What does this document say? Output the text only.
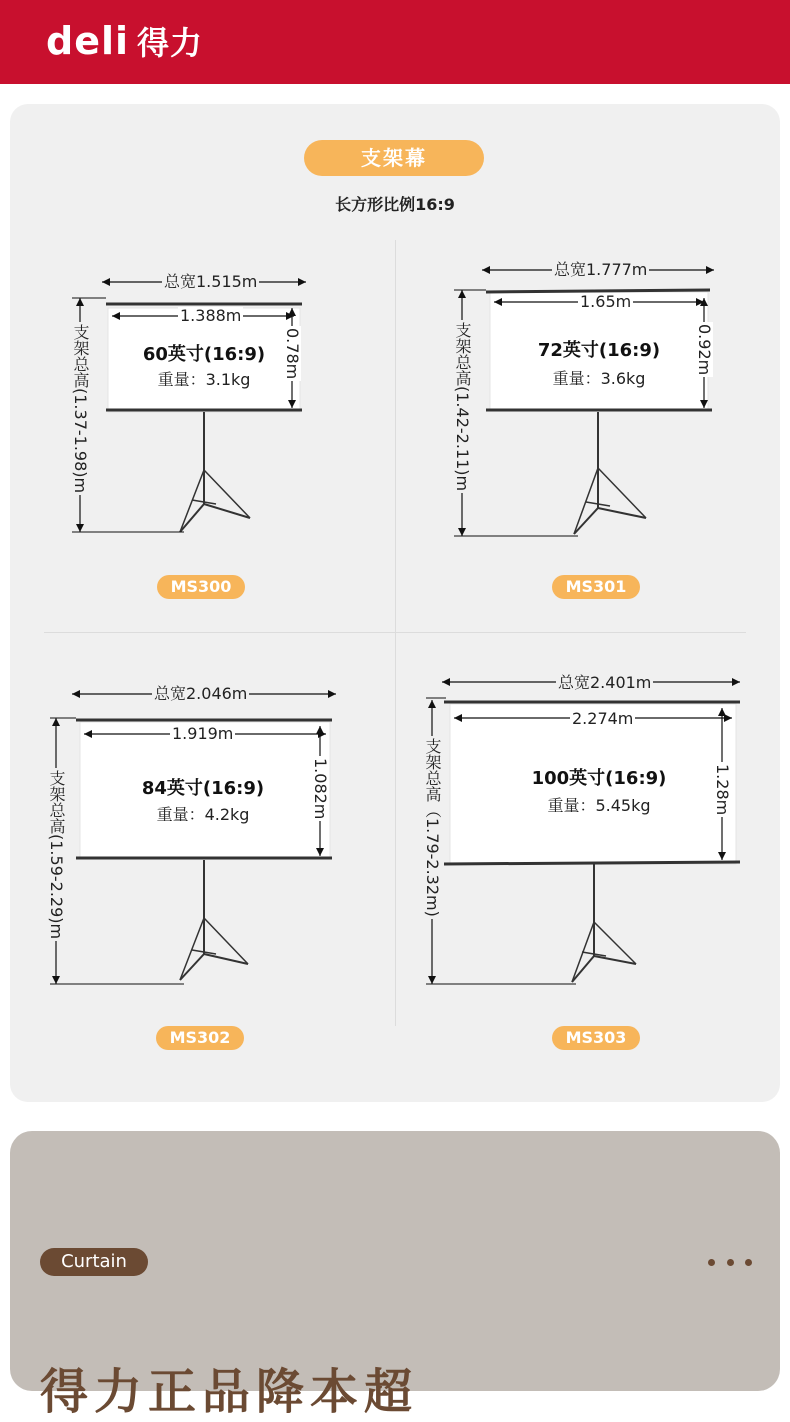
deli 得力
支架幕
长方形比例16:9
总宽1.515m
1.388m
0.78m
支架总高(1.37-1.98)m	60英寸(16:9)
重量：3.1kg
MS300
总宽1.777m
1.65m
0.92m
支架总高(1.42-2.11)m	72英寸(16:9)
重量：3.6kg
MS301
总宽2.046m
1.919m
1.082m
支架总高(1.59-2.29)m	84英寸(16:9)
重量：4.2kg
MS302
总宽2.401m
2.274m
1.28m
支架总高（1.79-2.32m)	100英寸(16:9)
重量：5.45kg
MS303
Curtain
得力正品降本超
